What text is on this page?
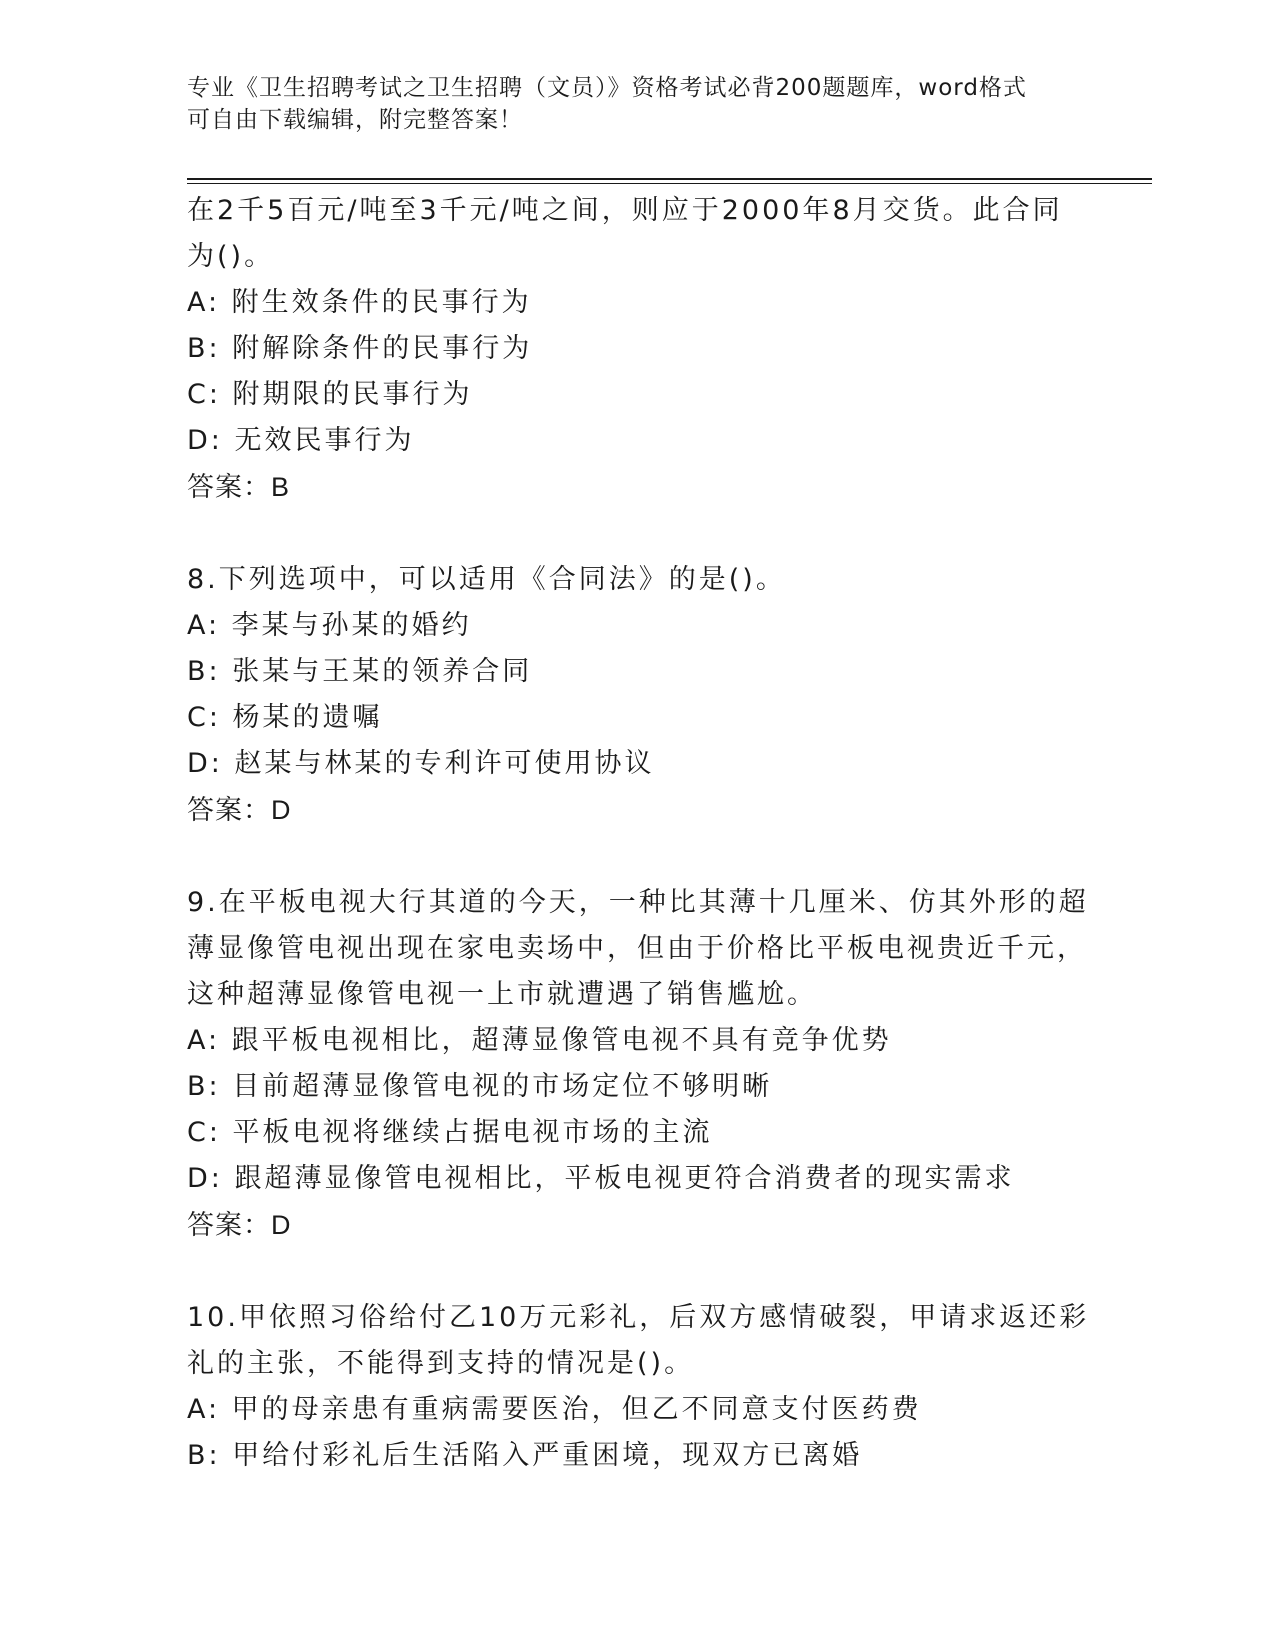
专业《卫生招聘考试之卫生招聘（文员）》资格考试必背200题题库，word格式
可自由下载编辑，附完整答案！
在2千5百元/吨至3千元/吨之间，则应于2000年8月交货。此合同
为()。
A: 附生效条件的民事行为
B: 附解除条件的民事行为
C: 附期限的民事行为
D: 无效民事行为
答案：B
8.下列选项中，可以适用《合同法》的是()。
A: 李某与孙某的婚约
B: 张某与王某的领养合同
C: 杨某的遗嘱
D: 赵某与林某的专利许可使用协议
答案：D
9.在平板电视大行其道的今天，一种比其薄十几厘米、仿其外形的超
薄显像管电视出现在家电卖场中，但由于价格比平板电视贵近千元，
这种超薄显像管电视一上市就遭遇了销售尴尬。
A: 跟平板电视相比，超薄显像管电视不具有竞争优势
B: 目前超薄显像管电视的市场定位不够明晰
C: 平板电视将继续占据电视市场的主流
D: 跟超薄显像管电视相比，平板电视更符合消费者的现实需求
答案：D
10.甲依照习俗给付乙10万元彩礼，后双方感情破裂，甲请求返还彩
礼的主张，不能得到支持的情况是()。
A: 甲的母亲患有重病需要医治，但乙不同意支付医药费
B: 甲给付彩礼后生活陷入严重困境，现双方已离婚
